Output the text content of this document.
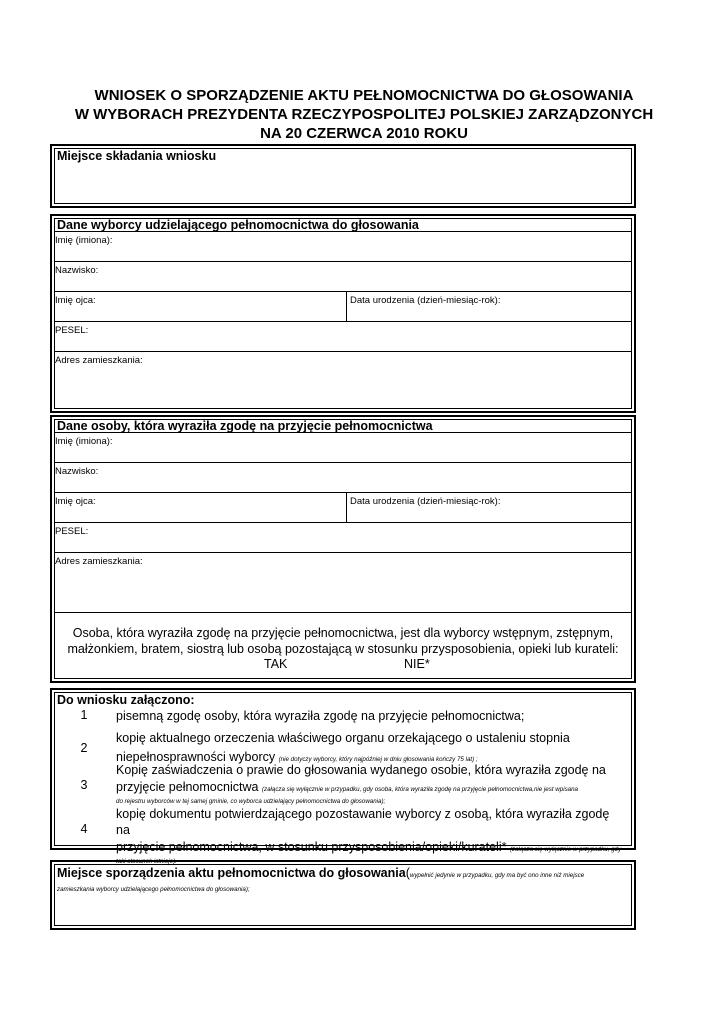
WNIOSEK O SPORZĄDZENIE AKTU PEŁNOMOCNICTWA DO GŁOSOWANIA
W WYBORACH PREZYDENTA RZECZYPOSPOLITEJ POLSKIEJ ZARZĄDZONYCH
NA 20 CZERWCA 2010 ROKU
Miejsce składania wniosku
Dane wyborcy udzielającego pełnomocnictwa do głosowania
Imię (imiona):
Nazwisko:
Imię ojca:	Data urodzenia (dzień-miesiąc-rok):
PESEL:
Adres zamieszkania:
Dane osoby, która wyraziła zgodę na przyjęcie pełnomocnictwa
Imię (imiona):
Nazwisko:
Imię ojca:	Data urodzenia (dzień-miesiąc-rok):
PESEL:
Adres zamieszkania:
Osoba, która wyraziła zgodę na przyjęcie pełnomocnictwa, jest dla wyborcy wstępnym, zstępnym,
małżonkiem, bratem, siostrą lub osobą pozostającą w stosunku przysposobienia, opieki lub kurateli:
TAK	NIE*
Do wniosku załączono:
1	pisemną zgodę osoby, która wyraziła zgodę na przyjęcie pełnomocnictwa;
2
kopię aktualnego orzeczenia właściwego organu orzekającego o ustaleniu stopnia
niepełnosprawności wyborcy (nie dotyczy wyborcy, który najpóźniej w dniu głosowania kończy 75 lat) ;
3
Kopię zaświadczenia o prawie do głosowania wydanego osobie, która wyraziła zgodę na
przyjęcie pełnomocnictwa (załącza się wyłącznie w przypadku, gdy osoba, która wyraziła zgodę na przyjęcie pełnomocnictwa,nie jest wpisana
do rejestru wyborców w tej samej gminie, co wyborca udzielający pełnomocnictwa do głosowania);
4
kopię dokumentu potwierdzającego pozostawanie wyborcy z osobą, która wyraziła zgodę na
przyjęcie pełnomocnictwa, w stosunku przysposobienia/opieki/kurateli* (załącza się wyłącznie w przypadku, gdy
taki stosunek istnieje).
Miejsce sporządzenia aktu pełnomocnictwa do głosowania(wypełnić jedynie w przypadku, gdy ma być ono inne niż miejsce
zamieszkania wyborcy udzielającego pełnomocnictwa do głosowania);
